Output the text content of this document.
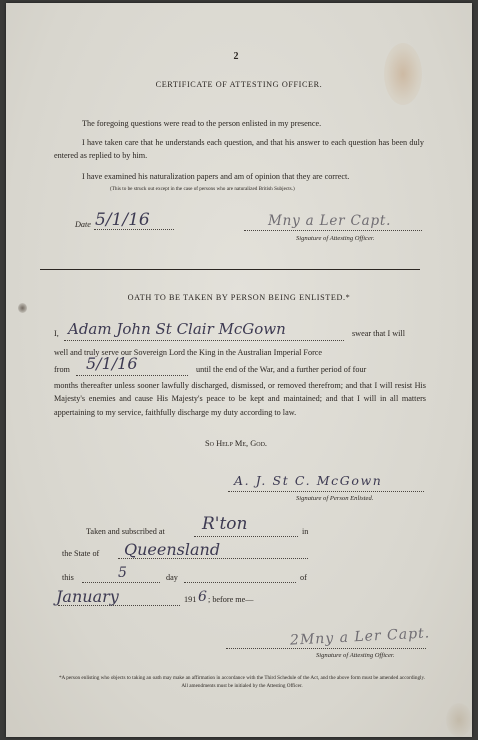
2
CERTIFICATE OF ATTESTING OFFICER.
The foregoing questions were read to the person enlisted in my presence.
I have taken care that he understands each question, and that his answer to each question has been duly entered as replied to by him.
I have examined his naturalization papers and am of opinion that they are correct.
(This to be struck out except in the case of persons who are naturalized British Subjects.)
Date 5/1/16	Mny a Ler Capt.
Signature of Attesting Officer.
OATH TO BE TAKEN BY PERSON BEING ENLISTED.*
I, Adam John St Clair McGown	swear that I will
well and truly serve our Sovereign Lord the King in the Australian Imperial Force
from 5/1/16	until the end of the War, and a further period of four
months thereafter unless sooner lawfully discharged, dismissed, or removed therefrom; and that I will resist His Majesty's enemies and cause His Majesty's peace to be kept and maintained; and that I will in all matters appertaining to my service, faithfully discharge my duty according to law.
So Help Me, God.
A. J. St C. McGown
Signature of Person Enlisted.
Taken and subscribed at R'ton	in
the State of Queensland
this	5	day	of
January	191 6 ; before me—
2Mny a Ler Capt.
Signature of Attesting Officer.
*A person enlisting who objects to taking an oath may make an affirmation in accordance with the Third Schedule of the Act, and the above form must be amended accordingly. All amendments must be initialed by the Attesting Officer.
